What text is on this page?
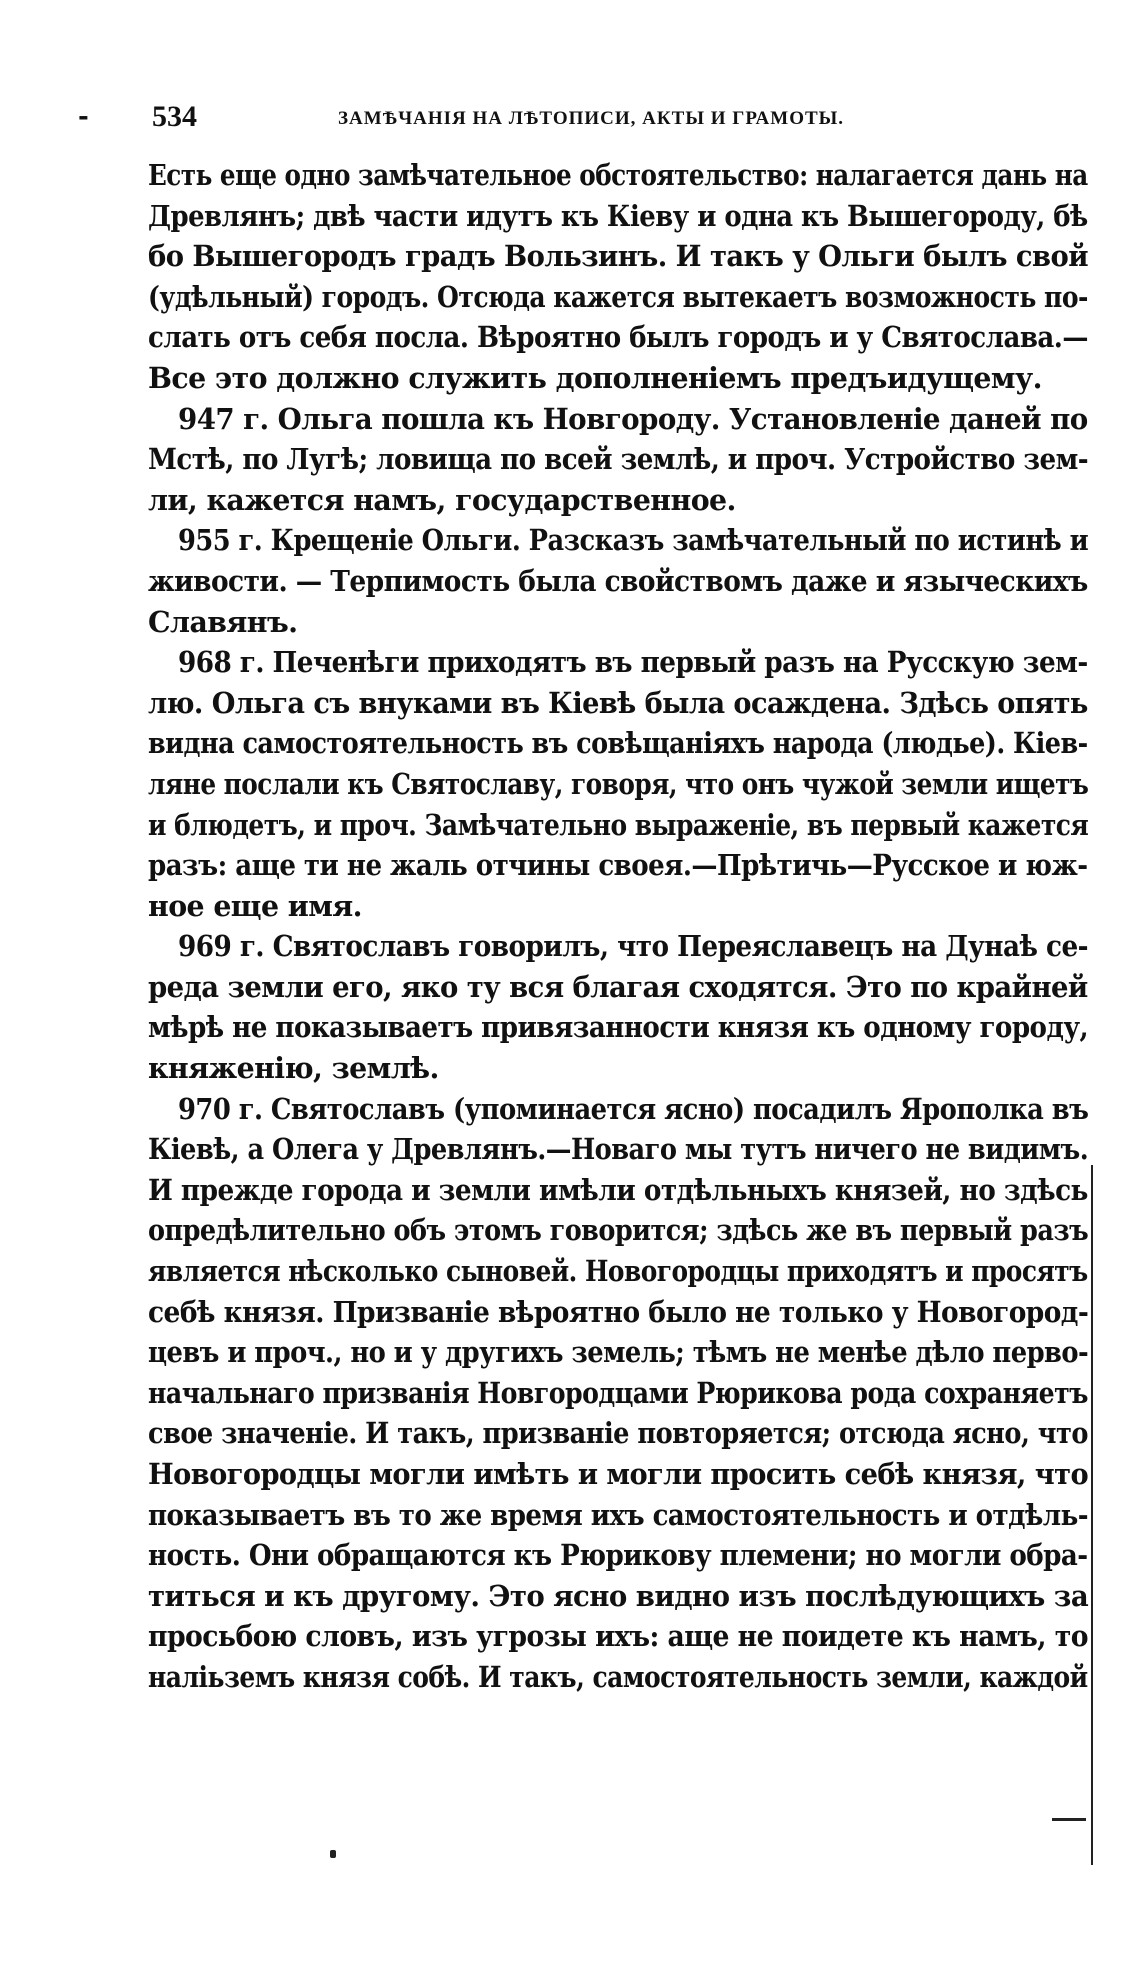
- 534	ЗАМѢЧАНІЯ НА ЛѢТОПИСИ, АКТЫ И ГРАМОТЫ.
Есть еще одно замѣчательное обстоятельство: налагается дань на
Древлянъ; двѣ части идутъ къ Кіеву и одна къ Вышегороду, бѣ
бо Вышегородъ градъ Вользинъ. И такъ у Ольги былъ свой
(удѣльный) городъ. Отсюда кажется вытекаетъ возможность по-
слать отъ себя посла. Вѣроятно былъ городъ и у Святослава.—
Все это должно служить дополненіемъ предъидущему.
947 г. Ольга пошла къ Новгороду. Установленіе даней по
Мстѣ, по Лугѣ; ловища по всей землѣ, и проч. Устройство зем-
ли, кажется намъ, государственное.
955 г. Крещеніе Ольги. Разсказъ замѣчательный по истинѣ и
живости. — Терпимость была свойствомъ даже и языческихъ
Славянъ.
968 г. Печенѣги приходятъ въ первый разъ на Русскую зем-
лю. Ольга съ внуками въ Кіевѣ была осаждена. Здѣсь опять
видна самостоятельность въ совѣщаніяхъ народа (людье). Кіев-
ляне послали къ Святославу, говоря, что онъ чужой земли ищетъ
и блюдетъ, и проч. Замѣчательно выраженіе, въ первый кажется
разъ: аще ти не жаль отчины своея.—Прѣтичь—Русское и юж-
ное еще имя.
969 г. Святославъ говорилъ, что Переяславецъ на Дунаѣ се-
реда земли его, яко ту вся благая сходятся. Это по крайней
мѣрѣ не показываетъ привязанности князя къ одному городу,
княженію, землѣ.
970 г. Святославъ (упоминается ясно) посадилъ Ярополка въ
Кіевѣ, а Олега у Древлянъ.—Новаго мы тутъ ничего не видимъ.
И прежде города и земли имѣли отдѣльныхъ князей, но здѣсь
опредѣлительно объ этомъ говорится; здѣсь же въ первый разъ
является нѣсколько сыновей. Новогородцы приходятъ и просятъ
себѣ князя. Призваніе вѣроятно было не только у Новогород-
цевъ и проч., но и у другихъ земель; тѣмъ не менѣе дѣло перво-
начальнаго призванія Новгородцами Рюрикова рода сохраняетъ
свое значеніе. И такъ, призваніе повторяется; отсюда ясно, что
Новогородцы могли имѣть и могли просить себѣ князя, что
показываетъ въ то же время ихъ самостоятельность и отдѣль-
ность. Они обращаются къ Рюрикову племени; но могли обра-
титься и къ другому. Это ясно видно изъ послѣдующихъ за
просьбою словъ, изъ угрозы ихъ: аще не поидете къ намъ, то
наліьземъ князя собѣ. И такъ, самостоятельность земли, каждой
